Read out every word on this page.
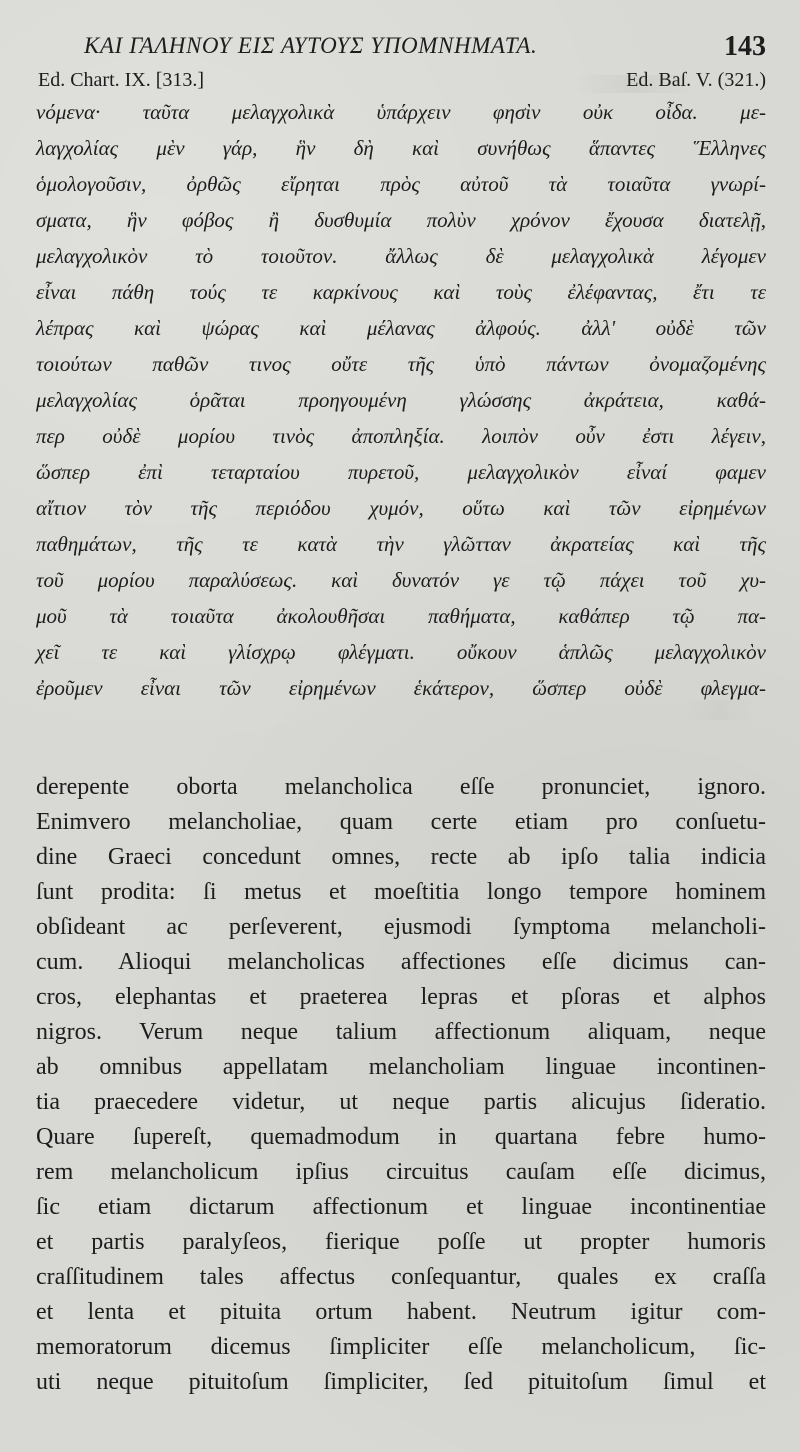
ΚΑΙ ΓΑΛΗΝΟΥ ΕΙΣ ΑΥΤΟΥΣ ΥΠΟΜΝΗΜΑΤΑ.	143
Ed. Chart. IX. [313.]	Ed. Baſ. V. (321.)
νόμενα· ταῦτα μελαγχολικὰ ὑπάρχειν φησὶν οὐκ οἶδα. με-
λαγχολίας μὲν γάρ, ἣν δὴ καὶ συνήθως ἅπαντες Ἕλληνες
ὁμολογοῦσιν, ὀρθῶς εἴρηται πρὸς αὐτοῦ τὰ τοιαῦτα γνωρί-
σματα, ἣν φόβος ἢ δυσθυμία πολὺν χρόνον ἔχουσα διατελῇ,
μελαγχολικὸν τὸ τοιοῦτον. ἄλλως δὲ μελαγχολικὰ λέγομεν
εἶναι πάθη τούς τε καρκίνους καὶ τοὺς ἐλέφαντας, ἔτι τε
λέπρας καὶ ψώρας καὶ μέλανας ἀλφούς. ἀλλ' οὐδὲ τῶν
τοιούτων παθῶν τινος οὔτε τῆς ὑπὸ πάντων ὀνομαζομένης
μελαγχολίας ὁρᾶται προηγουμένη γλώσσης ἀκράτεια, καθά-
περ οὐδὲ μορίου τινὸς ἀποπληξία. λοιπὸν οὖν ἐστι λέγειν,
ὥσπερ ἐπὶ τεταρταίου πυρετοῦ, μελαγχολικὸν εἶναί φαμεν
αἴτιον τὸν τῆς περιόδου χυμόν, οὕτω καὶ τῶν εἰρημένων
παθημάτων, τῆς τε κατὰ τὴν γλῶτταν ἀκρατείας καὶ τῆς
τοῦ μορίου παραλύσεως. καὶ δυνατόν γε τῷ πάχει τοῦ χυ-
μοῦ τὰ τοιαῦτα ἀκολουθῆσαι παθήματα, καθάπερ τῷ πα-
χεῖ τε καὶ γλίσχρῳ φλέγματι. οὔκουν ἁπλῶς μελαγχολικὸν
ἐροῦμεν εἶναι τῶν εἰρημένων ἑκάτερον, ὥσπερ οὐδὲ φλεγμα-
derepente oborta melancholica eſſe pronunciet, ignoro.
Enimvero melancholiae, quam certe etiam pro conſuetu-
dine Graeci concedunt omnes, recte ab ipſo talia indicia
ſunt prodita: ſi metus et moeſtitia longo tempore hominem
obſideant ac perſeverent, ejusmodi ſymptoma melancholi-
cum. Alioqui melancholicas affectiones eſſe dicimus can-
cros, elephantas et praeterea lepras et pſoras et alphos
nigros. Verum neque talium affectionum aliquam, neque
ab omnibus appellatam melancholiam linguae incontinen-
tia praecedere videtur, ut neque partis alicujus ſideratio.
Quare ſupereſt, quemadmodum in quartana febre humo-
rem melancholicum ipſius circuitus cauſam eſſe dicimus,
ſic etiam dictarum affectionum et linguae incontinentiae
et partis paralyſeos, fierique poſſe ut propter humoris
craſſitudinem tales affectus conſequantur, quales ex craſſa
et lenta et pituita ortum habent. Neutrum igitur com-
memoratorum dicemus ſimpliciter eſſe melancholicum, ſic-
uti neque pituitoſum ſimpliciter, ſed pituitoſum ſimul et
